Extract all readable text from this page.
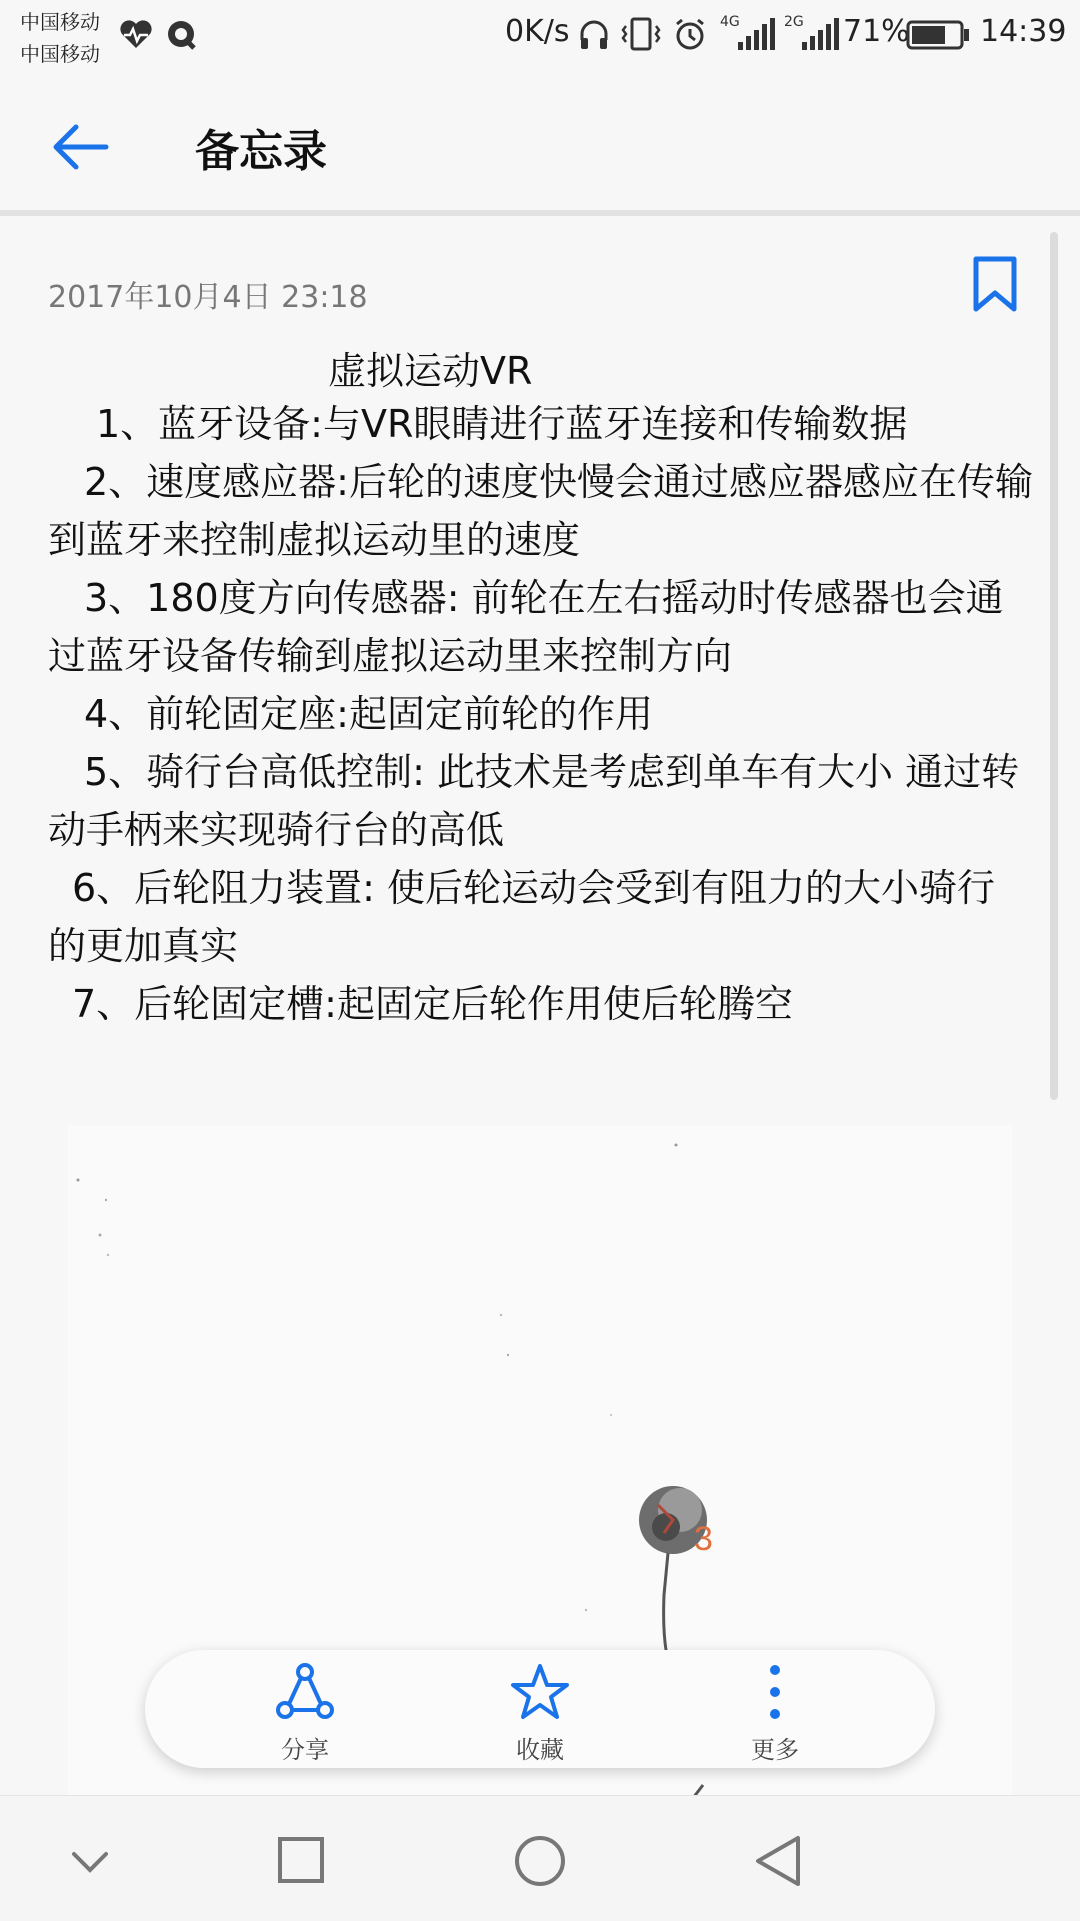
中国移动
中国移动
0K/s	4G	2G 71% 14:39
备忘录
2017年10月4日 23:18
虚拟运动VR

1、蓝牙设备:与VR眼睛进行蓝牙连接和传输数据

2、速度感应器:后轮的速度快慢会通过感应器感应在传输到蓝牙来控制虚拟运动里的速度

3、180度方向传感器: 前轮在左右摇动时传感器也会通过蓝牙设备传输到虚拟运动里来控制方向

4、前轮固定座:起固定前轮的作用

5、骑行台高低控制: 此技术是考虑到单车有大小 通过转动手柄来实现骑行台的高低

6、后轮阻力装置: 使后轮运动会受到有阻力的大小骑行的更加真实

7、后轮固定槽:起固定后轮作用使后轮腾空

3
分享	收藏	更多
